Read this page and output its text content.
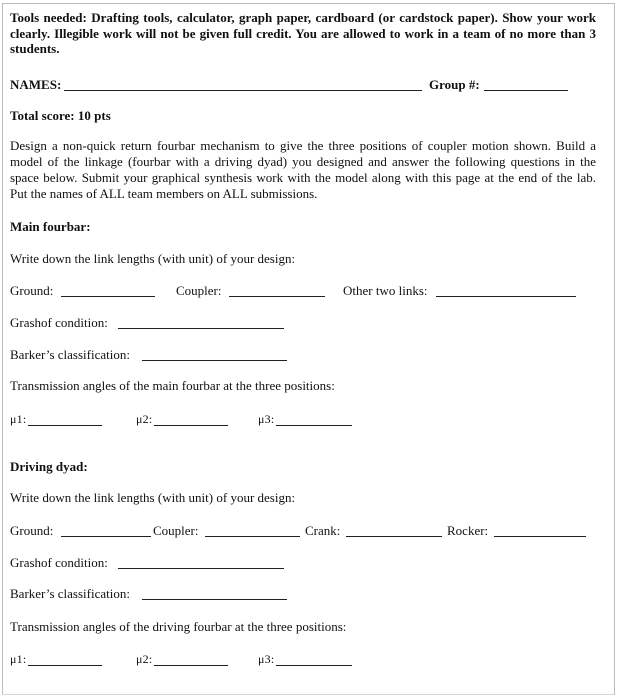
Tools needed: Drafting tools, calculator, graph paper, cardboard (or cardstock paper). Show your work clearly. Illegible work will not be given full credit. You are allowed to work in a team of no more than 3 students.
NAMES:	Group #:
Total score: 10 pts
Design a non-quick return fourbar mechanism to give the three positions of coupler motion shown. Build a model of the linkage (fourbar with a driving dyad) you designed and answer the following questions in the space below. Submit your graphical synthesis work with the model along with this page at the end of the lab. Put the names of ALL team members on ALL submissions.
Main fourbar:
Write down the link lengths (with unit) of your design:
Ground:	Coupler:	Other two links:
Grashof condition:
Barker’s classification:
Transmission angles of the main fourbar at the three positions:
μ1:	μ2:	μ3:
Driving dyad:
Write down the link lengths (with unit) of your design:
Ground:	Coupler:	Crank:	Rocker:
Grashof condition:
Barker’s classification:
Transmission angles of the driving fourbar at the three positions:
μ1:	μ2:	μ3:
